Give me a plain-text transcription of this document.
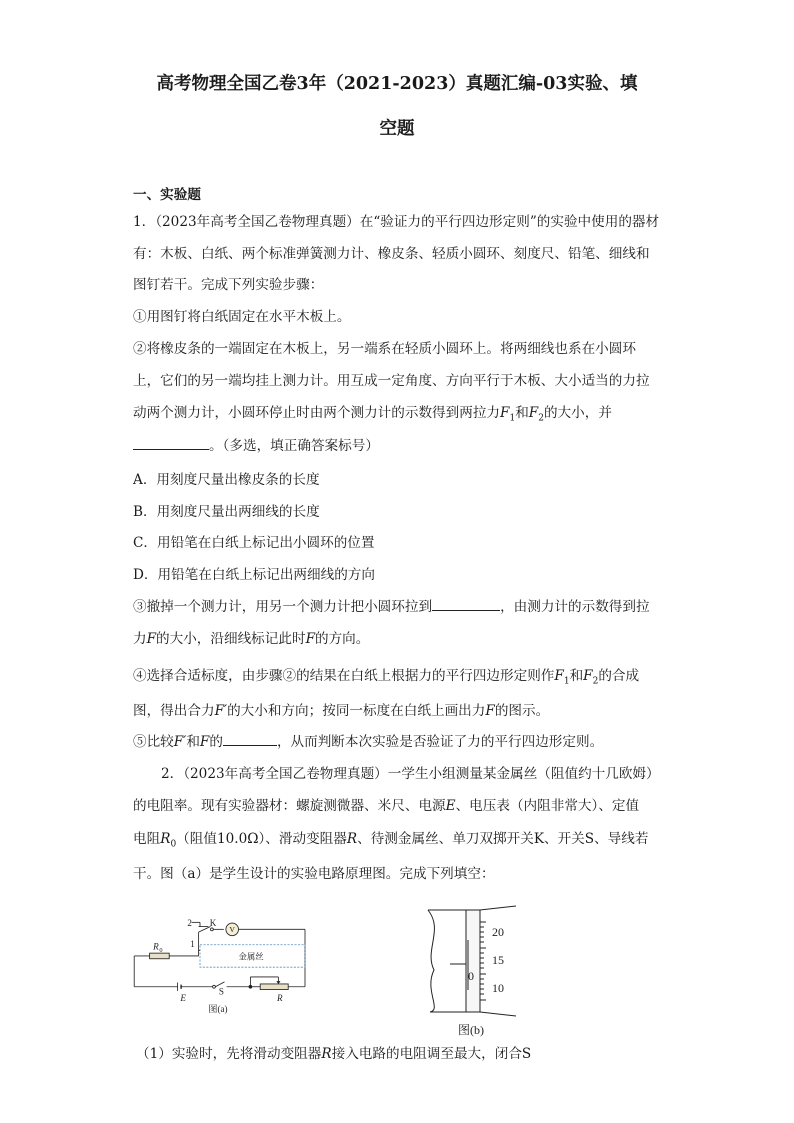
高考物理全国乙卷3年（2021-2023）真题汇编-03实验、填
空题
一、实验题
1．（2023年高考全国乙卷物理真题）在“验证力的平行四边形定则”的实验中使用的器材
有：木板、白纸、两个标准弹簧测力计、橡皮条、轻质小圆环、刻度尺、铅笔、细线和
图钉若干。完成下列实验步骤：
①用图钉将白纸固定在水平木板上。
②将橡皮条的一端固定在木板上，另一端系在轻质小圆环上。将两细线也系在小圆环
上，它们的另一端均挂上测力计。用互成一定角度、方向平行于木板、大小适当的力拉
动两个测力计，小圆环停止时由两个测力计的示数得到两拉力$F_1$和$F_2$的大小，并
。（多选，填正确答案标号）
A．用刻度尺量出橡皮条的长度
B．用刻度尺量出两细线的长度
C．用铅笔在白纸上标记出小圆环的位置
D．用铅笔在白纸上标记出两细线的方向
③撤掉一个测力计，用另一个测力计把小圆环拉到	，由测力计的示数得到拉
力F的大小，沿细线标记此时F的方向。
④选择合适标度，由步骤②的结果在白纸上根据力的平行四边形定则作$F_1$和$F_2$的合成
图，得出合力F′的大小和方向；按同一标度在白纸上画出力F的图示。
⑤比较F′和F的	，从而判断本次实验是否验证了力的平行四边形定则。
2．（2023年高考全国乙卷物理真题）一学生小组测量某金属丝（阻值约十几欧姆）
的电阻率。现有实验器材：螺旋测微器、米尺、电源E、电压表（内阻非常大）、定值
电阻$R_0$（阻值10.0Ω）、滑动变阻器R、待测金属丝、单刀双掷开关K、开关S、导线若
干。图（a）是学生设计的实验电路原理图。完成下列填空：
R 0
2
1
K
V
金属丝
E
S
R
图(a)
20
15
10
0
图(b)
（1）实验时，先将滑动变阻器R接入电路的电阻调至最大，闭合S
